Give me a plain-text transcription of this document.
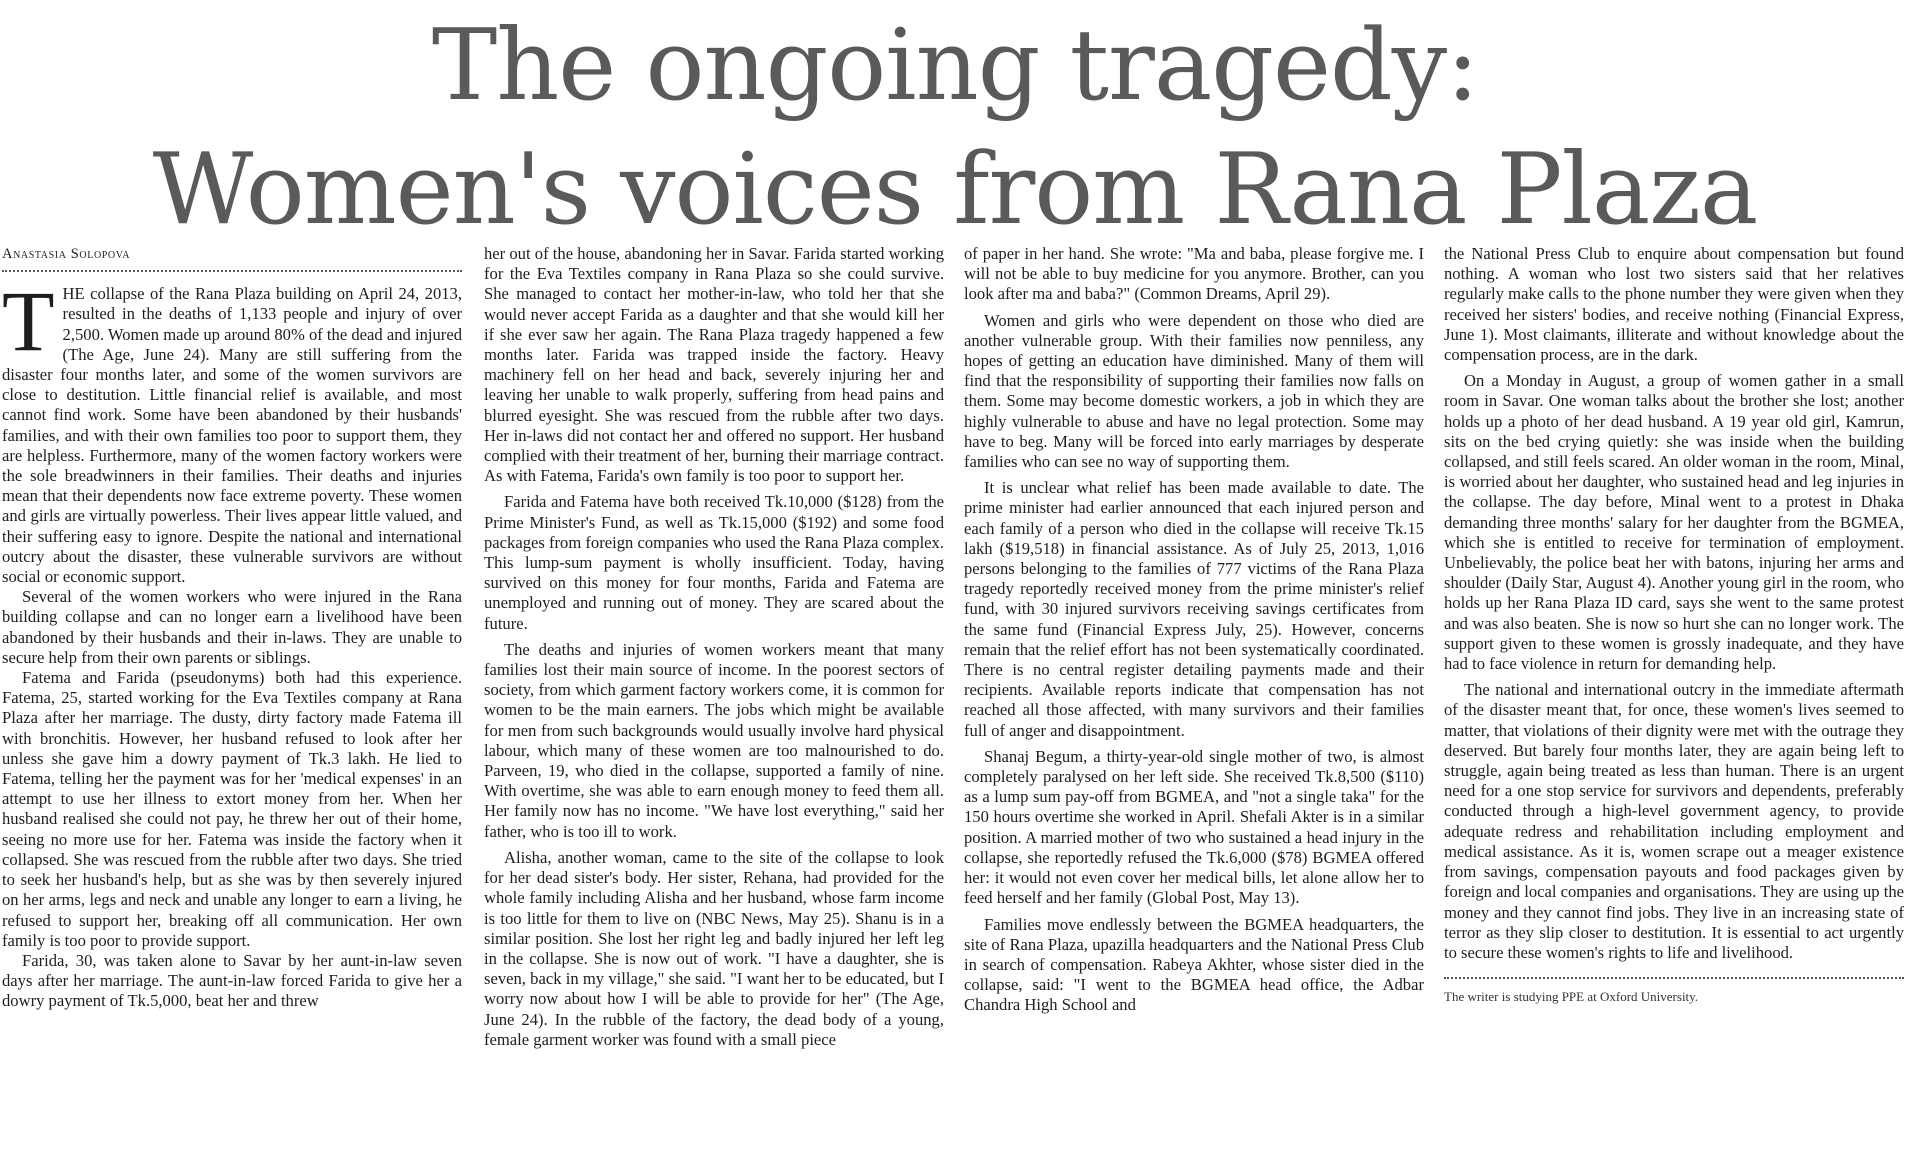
The ongoing tragedy:
Women's voices from Rana Plaza
Anastasia Solopova

THE collapse of the Rana Plaza building on April 24, 2013, resulted in the deaths of 1,133 people and injury of over 2,500. Women made up around 80% of the dead and injured (The Age, June 24). Many are still suffering from the disaster four months later, and some of the women survivors are close to destitution. Little financial relief is available, and most cannot find work. Some have been abandoned by their husbands' families, and with their own families too poor to support them, they are helpless. Furthermore, many of the women factory workers were the sole breadwinners in their families. Their deaths and injuries mean that their dependents now face extreme poverty. These women and girls are virtually powerless. Their lives appear little valued, and their suffering easy to ignore. Despite the national and international outcry about the disaster, these vulnerable survivors are without social or economic support.

Several of the women workers who were injured in the Rana building collapse and can no longer earn a livelihood have been abandoned by their husbands and their in-laws. They are unable to secure help from their own parents or siblings.

Fatema and Farida (pseudonyms) both had this experience. Fatema, 25, started working for the Eva Textiles company at Rana Plaza after her marriage. The dusty, dirty factory made Fatema ill with bronchitis. However, her husband refused to look after her unless she gave him a dowry payment of Tk.3 lakh. He lied to Fatema, telling her the payment was for her 'medical expenses' in an attempt to use her illness to extort money from her. When her husband realised she could not pay, he threw her out of their home, seeing no more use for her. Fatema was inside the factory when it collapsed. She was rescued from the rubble after two days. She tried to seek her husband's help, but as she was by then severely injured on her arms, legs and neck and unable any longer to earn a living, he refused to support her, breaking off all communication. Her own family is too poor to provide support.

Farida, 30, was taken alone to Savar by her aunt-in-law seven days after her marriage. The aunt-in-law forced Farida to give her a dowry payment of Tk.5,000, beat her and threw

her out of the house, abandoning her in Savar. Farida started working for the Eva Textiles company in Rana Plaza so she could survive. She managed to contact her mother-in-law, who told her that she would never accept Farida as a daughter and that she would kill her if she ever saw her again. The Rana Plaza tragedy happened a few months later. Farida was trapped inside the factory. Heavy machinery fell on her head and back, severely injuring her and leaving her unable to walk properly, suffering from head pains and blurred eyesight. She was rescued from the rubble after two days. Her in-laws did not contact her and offered no support. Her husband complied with their treatment of her, burning their marriage contract. As with Fatema, Farida's own family is too poor to support her.

Farida and Fatema have both received Tk.10,000 ($128) from the Prime Minister's Fund, as well as Tk.15,000 ($192) and some food packages from foreign companies who used the Rana Plaza complex. This lump-sum payment is wholly insufficient. Today, having survived on this money for four months, Farida and Fatema are unemployed and running out of money. They are scared about the future.

The deaths and injuries of women workers meant that many families lost their main source of income. In the poorest sectors of society, from which garment factory workers come, it is common for women to be the main earners. The jobs which might be available for men from such backgrounds would usually involve hard physical labour, which many of these women are too malnourished to do. Parveen, 19, who died in the collapse, supported a family of nine. With overtime, she was able to earn enough money to feed them all. Her family now has no income. "We have lost everything," said her father, who is too ill to work.

Alisha, another woman, came to the site of the collapse to look for her dead sister's body. Her sister, Rehana, had provided for the whole family including Alisha and her husband, whose farm income is too little for them to live on (NBC News, May 25). Shanu is in a similar position. She lost her right leg and badly injured her left leg in the collapse. She is now out of work. "I have a daughter, she is seven, back in my village," she said. "I want her to be educated, but I worry now about how I will be able to provide for her" (The Age, June 24). In the rubble of the factory, the dead body of a young, female garment worker was found with a small piece

of paper in her hand. She wrote: "Ma and baba, please forgive me. I will not be able to buy medicine for you anymore. Brother, can you look after ma and baba?" (Common Dreams, April 29).

Women and girls who were dependent on those who died are another vulnerable group. With their families now penniless, any hopes of getting an education have diminished. Many of them will find that the responsibility of supporting their families now falls on them. Some may become domestic workers, a job in which they are highly vulnerable to abuse and have no legal protection. Some may have to beg. Many will be forced into early marriages by desperate families who can see no way of supporting them.

It is unclear what relief has been made available to date. The prime minister had earlier announced that each injured person and each family of a person who died in the collapse will receive Tk.15 lakh ($19,518) in financial assistance. As of July 25, 2013, 1,016 persons belonging to the families of 777 victims of the Rana Plaza tragedy reportedly received money from the prime minister's relief fund, with 30 injured survivors receiving savings certificates from the same fund (Financial Express July, 25). However, concerns remain that the relief effort has not been systematically coordinated. There is no central register detailing payments made and their recipients. Available reports indicate that compensation has not reached all those affected, with many survivors and their families full of anger and disappointment.

Shanaj Begum, a thirty-year-old single mother of two, is almost completely paralysed on her left side. She received Tk.8,500 ($110) as a lump sum pay-off from BGMEA, and "not a single taka" for the 150 hours overtime she worked in April. Shefali Akter is in a similar position. A married mother of two who sustained a head injury in the collapse, she reportedly refused the Tk.6,000 ($78) BGMEA offered her: it would not even cover her medical bills, let alone allow her to feed herself and her family (Global Post, May 13).

Families move endlessly between the BGMEA headquarters, the site of Rana Plaza, upazilla headquarters and the National Press Club in search of compensation. Rabeya Akhter, whose sister died in the collapse, said: "I went to the BGMEA head office, the Adbar Chandra High School and

the National Press Club to enquire about compensation but found nothing. A woman who lost two sisters said that her relatives regularly make calls to the phone number they were given when they received her sisters' bodies, and receive nothing (Financial Express, June 1). Most claimants, illiterate and without knowledge about the compensation process, are in the dark.

On a Monday in August, a group of women gather in a small room in Savar. One woman talks about the brother she lost; another holds up a photo of her dead husband. A 19 year old girl, Kamrun, sits on the bed crying quietly: she was inside when the building collapsed, and still feels scared. An older woman in the room, Minal, is worried about her daughter, who sustained head and leg injuries in the collapse. The day before, Minal went to a protest in Dhaka demanding three months' salary for her daughter from the BGMEA, which she is entitled to receive for termination of employment. Unbelievably, the police beat her with batons, injuring her arms and shoulder (Daily Star, August 4). Another young girl in the room, who holds up her Rana Plaza ID card, says she went to the same protest and was also beaten. She is now so hurt she can no longer work. The support given to these women is grossly inadequate, and they have had to face violence in return for demanding help.

The national and international outcry in the immediate aftermath of the disaster meant that, for once, these women's lives seemed to matter, that violations of their dignity were met with the outrage they deserved. But barely four months later, they are again being left to struggle, again being treated as less than human. There is an urgent need for a one stop service for survivors and dependents, preferably conducted through a high-level government agency, to provide adequate redress and rehabilitation including employment and medical assistance. As it is, women scrape out a meager existence from savings, compensation payouts and food packages given by foreign and local companies and organisations. They are using up the money and they cannot find jobs. They live in an increasing state of terror as they slip closer to destitution. It is essential to act urgently to secure these women's rights to life and livelihood.

The writer is studying PPE at Oxford University.
